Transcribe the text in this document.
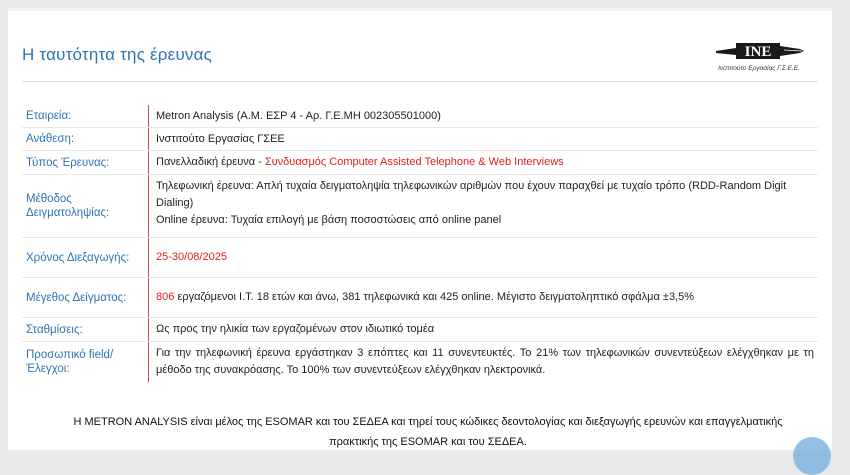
Η ταυτότητα της έρευνας	INE
Ινστιτούτο Εργασίας Γ.Σ.Ε.Ε.
Εταιρεία:	Metron Analysis (Α.Μ. ΕΣΡ 4 - Αρ. Γ.Ε.ΜΗ 002305501000)
Ανάθεση:	Ινστιτούτο Εργασίας ΓΣΕΕ
Τύπος Έρευνας:	Πανελλαδική έρευνα - Συνδυασμός Computer Assisted Telephone & Web Interviews
Μέθοδος Δειγματοληψίας:
Τηλεφωνική έρευνα: Απλή τυχαία δειγματοληψία τηλεφωνικών αριθμών που έχουν παραχθεί με τυχαίο τρόπο (RDD-Random Digit Dialing)
Online έρευνα: Τυχαία επιλογή με βάση ποσοστώσεις από online panel
Χρόνος Διεξαγωγής:	25-30/08/2025
Μέγεθος Δείγματος:	806 εργαζόμενοι Ι.Τ. 18 ετών και άνω, 381 τηλεφωνικά και 425 online. Μέγιστο δειγματοληπτικό σφάλμα ±3,5%
Σταθμίσεις:	Ως προς την ηλικία των εργαζομένων στον ιδιωτικό τομέα
Προσωπικό field/Έλεγχοι:
Για την τηλεφωνική έρευνα εργάστηκαν 3 επόπτες και 11 συνεντευκτές. Το 21% των τηλεφωνικών συνεντεύξεων ελέγχθηκαν με τη μέθοδο της συνακρόασης. Το 100% των συνεντεύξεων ελέγχθηκαν ηλεκτρονικά.
Η METRON ANALYSIS είναι μέλος της ESOMAR και του ΣΕΔΕΑ και τηρεί τους κώδικες δεοντολογίας και διεξαγωγής ερευνών και επαγγελματικής πρακτικής της ESOMAR και του ΣΕΔΕΑ.
